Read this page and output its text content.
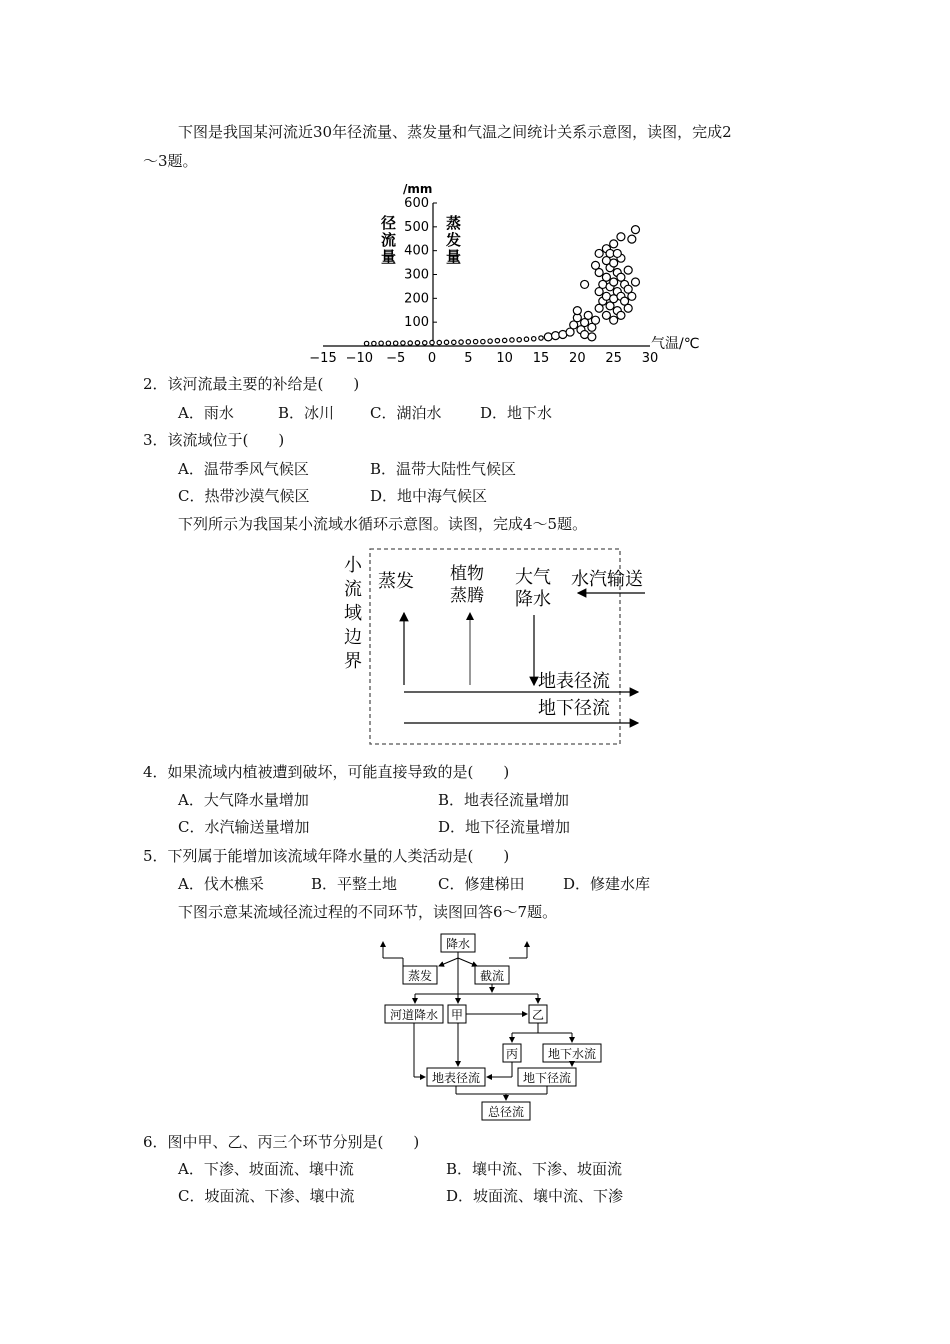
下图是我国某河流近30年径流量、蒸发量和气温之间统计关系示意图，读图，完成2
～3题。
/mm
径
流
量
蒸
发
量
100
200
300
400
500
600
−15 −10 −5 0 5 10 15 20 25 30
气温/℃
2．该河流最主要的补给是(　　)
A．雨水	B．冰川 C．湖泊水	D．地下水
3．该流域位于(　　)
A．温带季风气候区	B．温带大陆性气候区
C．热带沙漠气候区	D．地中海气候区
下列所示为我国某小流域水循环示意图。读图，完成4～5题。
小
流
域
边
界
蒸发 植物
蒸腾
大气
降水
水汽输送
地表径流
地下径流
4．如果流域内植被遭到破坏，可能直接导致的是(　　)
A．大气降水量增加	B．地表径流量增加
C．水汽输送量增加	D．地下径流量增加
5．下列属于能增加该流域年降水量的人类活动是(　　)
A．伐木樵采	B．平整土地	C．修建梯田	D．修建水库
下图示意某流域径流过程的不同环节，读图回答6～7题。
降水
蒸发	截流
河道降水 甲	乙
丙 地下水流
地表径流	地下径流
总径流
6．图中甲、乙、丙三个环节分别是(　　)
A．下渗、坡面流、壤中流	B．壤中流、下渗、坡面流
C．坡面流、下渗、壤中流	D．坡面流、壤中流、下渗
